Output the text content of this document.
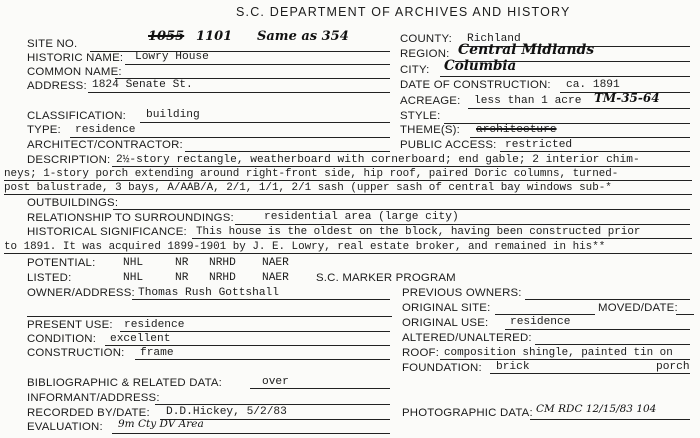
S.C. DEPARTMENT OF ARCHIVES AND HISTORY
SITE NO.	1055 1101 Same as 354	COUNTY: Richland
HISTORIC NAME: Lowry House	REGION: Central Midlands
COMMON NAME:	CITY: Columbia
ADDRESS: 1824 Senate St.	DATE OF CONSTRUCTION: ca. 1891
ACREAGE: less than 1 acre TM-35-64
CLASSIFICATION: building	STYLE:
TYPE: residence	THEME(S): architecture
ARCHITECT/CONTRACTOR:	PUBLIC ACCESS: restricted
DESCRIPTION: 2½-story rectangle, weatherboard with cornerboard; end gable; 2 interior chim-
neys; 1-story porch extending around right-front side, hip roof, paired Doric columns, turned-
post balustrade, 3 bays, A/AAB/A, 2/1, 1/1, 2/1 sash (upper sash of central bay windows sub-*
OUTBUILDINGS:
RELATIONSHIP TO SURROUNDINGS:	residential area (large city)
HISTORICAL SIGNIFICANCE: This house is the oldest on the block, having been constructed prior
to 1891. It was acquired 1899-1901 by J. E. Lowry, real estate broker, and remained in his**
POTENTIAL: NHL	NR NRHD NAER
LISTED:	NHL	NR NRHD NAER S.C. MARKER PROGRAM
OWNER/ADDRESS: Thomas Rush Gottshall	PREVIOUS OWNERS:
ORIGINAL SITE:	MOVED/DATE:
PRESENT USE: residence	ORIGINAL USE: residence
CONDITION: excellent	ALTERED/UNALTERED:
CONSTRUCTION: frame	ROOF: composition shingle, painted tin on
FOUNDATION: brick	porch
BIBLIOGRAPHIC & RELATED DATA:	over
INFORMANT/ADDRESS:
RECORDED BY/DATE: D.D.Hickey, 5/2/83	PHOTOGRAPHIC DATA: CM RDC 12/15/83 104
EVALUATION: 9m Cty DV Area
